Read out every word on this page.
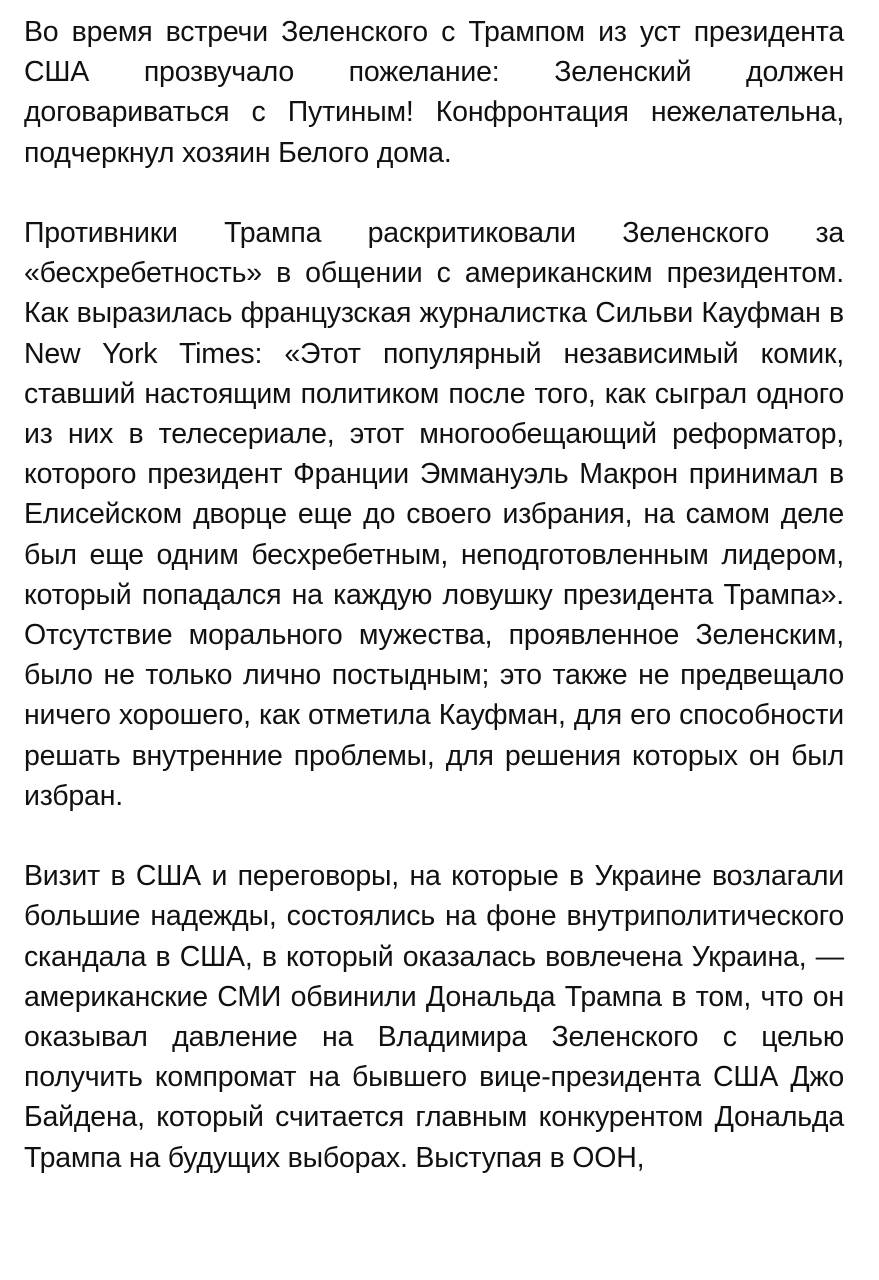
Во время встречи Зеленского с Трампом из уст президента США прозвучало пожелание: Зеленский должен договариваться с Путиным! Конфронтация нежелательна, подчеркнул хозяин Белого дома.

Противники Трампа раскритиковали Зеленского за «бесхребетность» в общении с американским президентом. Как выразилась французская журналистка Сильви Кауфман в New York Times: «Этот популярный независимый комик, ставший настоящим политиком после того, как сыграл одного из них в телесериале, этот многообещающий реформатор, которого президент Франции Эммануэль Макрон принимал в Елисейском дворце еще до своего избрания, на самом деле был еще одним бесхребетным, неподготовленным лидером, который попадался на каждую ловушку президента Трампа». Отсутствие морального мужества, проявленное Зеленским, было не только лично постыдным; это также не предвещало ничего хорошего, как отметила Кауфман, для его способности решать внутренние проблемы, для решения которых он был избран.

Визит в США и переговоры, на которые в Украине возлагали большие надежды, состоялись на фоне внутриполитического скандала в США, в который оказалась вовлечена Украина, — американские СМИ обвинили Дональда Трампа в том, что он оказывал давление на Владимира Зеленского с целью получить компромат на бывшего вице-президента США Джо Байдена, который считается главным конкурентом Дональда Трампа на будущих выборах. Выступая в ООН,
